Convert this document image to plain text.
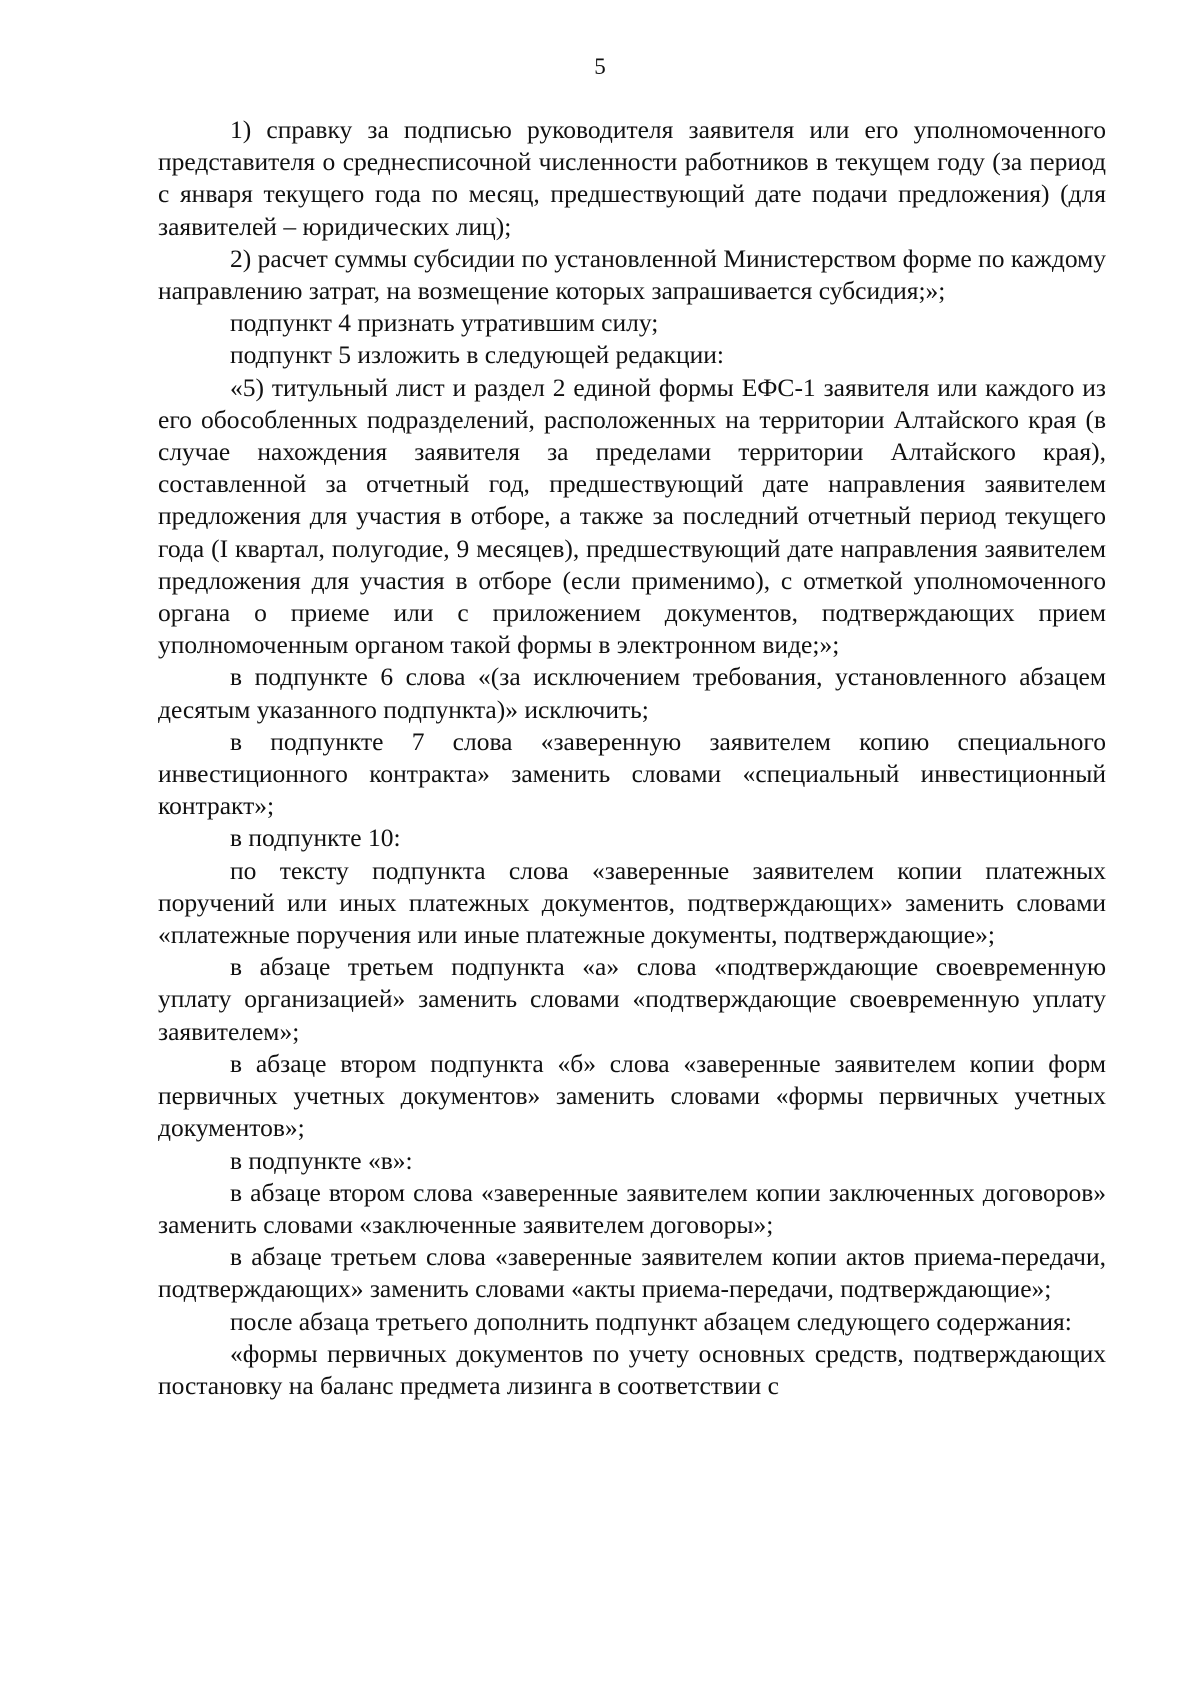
5

1) справку за подписью руководителя заявителя или его уполномоченного представителя о среднесписочной численности работников в текущем году (за период с января текущего года по месяц, предшествующий дате подачи предложения) (для заявителей – юридических лиц);

2) расчет суммы субсидии по установленной Министерством форме по каждому направлению затрат, на возмещение которых запрашивается субсидия;»;

подпункт 4 признать утратившим силу;

подпункт 5 изложить в следующей редакции:

«5) титульный лист и раздел 2 единой формы ЕФС-1 заявителя или каждого из его обособленных подразделений, расположенных на территории Алтайского края (в случае нахождения заявителя за пределами территории Алтайского края), составленной за отчетный год, предшествующий дате направления заявителем предложения для участия в отборе, а также за последний отчетный период текущего года (I квартал, полугодие, 9 месяцев), предшествующий дате направления заявителем предложения для участия в отборе (если применимо), с отметкой уполномоченного органа о приеме или с приложением документов, подтверждающих прием уполномоченным органом такой формы в электронном виде;»;

в подпункте 6 слова «(за исключением требования, установленного абзацем десятым указанного подпункта)» исключить;

в подпункте 7 слова «заверенную заявителем копию специального инвестиционного контракта» заменить словами «специальный инвестиционный контракт»;

в подпункте 10:

по тексту подпункта слова «заверенные заявителем копии платежных поручений или иных платежных документов, подтверждающих» заменить словами «платежные поручения или иные платежные документы, подтверждающие»;

в абзаце третьем подпункта «а» слова «подтверждающие своевременную уплату организацией» заменить словами «подтверждающие своевременную уплату заявителем»;

в абзаце втором подпункта «б» слова «заверенные заявителем копии форм первичных учетных документов» заменить словами «формы первичных учетных документов»;

в подпункте «в»:

в абзаце втором слова «заверенные заявителем копии заключенных договоров» заменить словами «заключенные заявителем договоры»;

в абзаце третьем слова «заверенные заявителем копии актов приема-передачи, подтверждающих» заменить словами «акты приема-передачи, подтверждающие»;

после абзаца третьего дополнить подпункт абзацем следующего содержания:

«формы первичных документов по учету основных средств, подтверждающих постановку на баланс предмета лизинга в соответствии с
